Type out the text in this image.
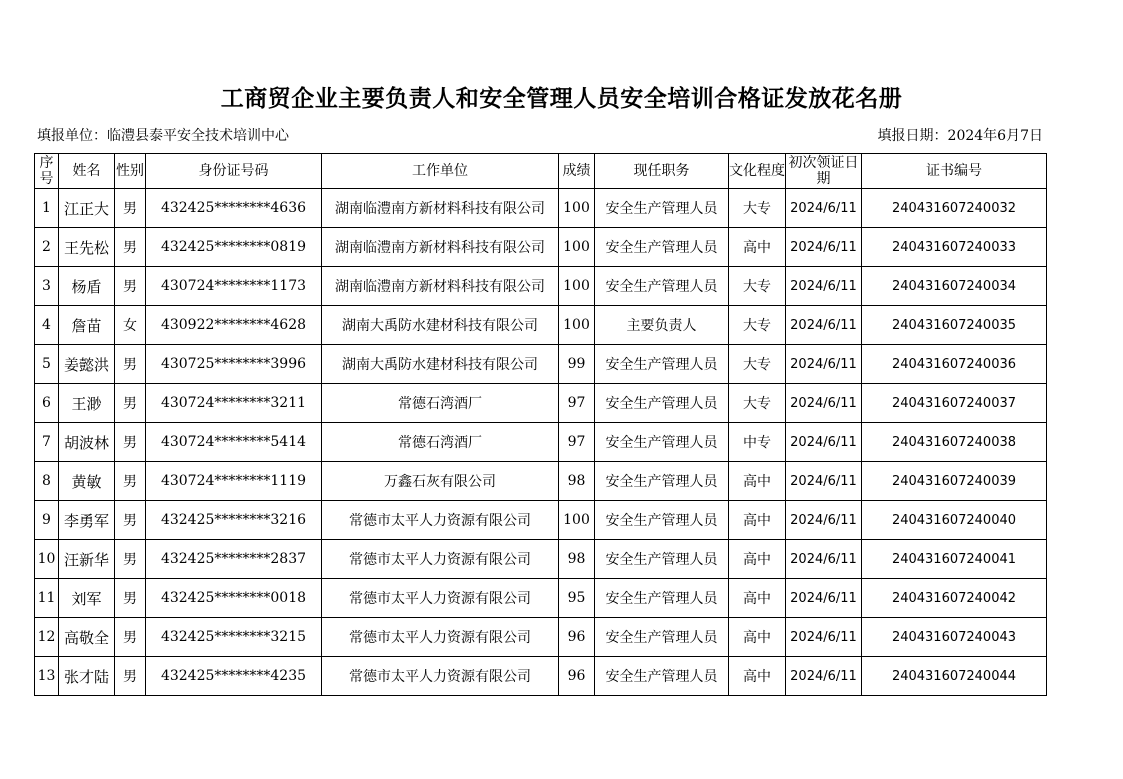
工商贸企业主要负责人和安全管理人员安全培训合格证发放花名册
填报单位：临澧县泰平安全技术培训中心	填报日期：2024年6月7日
序号	姓名	性别	身份证号码	工作单位	成绩	现任职务	文化程度	初次领证日期	证书编号
1	江正大	男	432425********4636	湖南临澧南方新材料科技有限公司	100	安全生产管理人员	大专	2024/6/11	240431607240032
2	王先松	男	432425********0819	湖南临澧南方新材料科技有限公司	100	安全生产管理人员	高中	2024/6/11	240431607240033
3	杨盾	男	430724********1173	湖南临澧南方新材料科技有限公司	100	安全生产管理人员	大专	2024/6/11	240431607240034
4	詹苗	女	430922********4628	湖南大禹防水建材科技有限公司	100	主要负责人	大专	2024/6/11	240431607240035
5	姜懿洪	男	430725********3996	湖南大禹防水建材科技有限公司	99	安全生产管理人员	大专	2024/6/11	240431607240036
6	王渺	男	430724********3211	常德石湾酒厂	97	安全生产管理人员	大专	2024/6/11	240431607240037
7	胡波林	男	430724********5414	常德石湾酒厂	97	安全生产管理人员	中专	2024/6/11	240431607240038
8	黄敏	男	430724********1119	万鑫石灰有限公司	98	安全生产管理人员	高中	2024/6/11	240431607240039
9	李勇军	男	432425********3216	常德市太平人力资源有限公司	100	安全生产管理人员	高中	2024/6/11	240431607240040
10	汪新华	男	432425********2837	常德市太平人力资源有限公司	98	安全生产管理人员	高中	2024/6/11	240431607240041
11	刘军	男	432425********0018	常德市太平人力资源有限公司	95	安全生产管理人员	高中	2024/6/11	240431607240042
12	高敬全	男	432425********3215	常德市太平人力资源有限公司	96	安全生产管理人员	高中	2024/6/11	240431607240043
13	张才陆	男	432425********4235	常德市太平人力资源有限公司	96	安全生产管理人员	高中	2024/6/11	240431607240044
